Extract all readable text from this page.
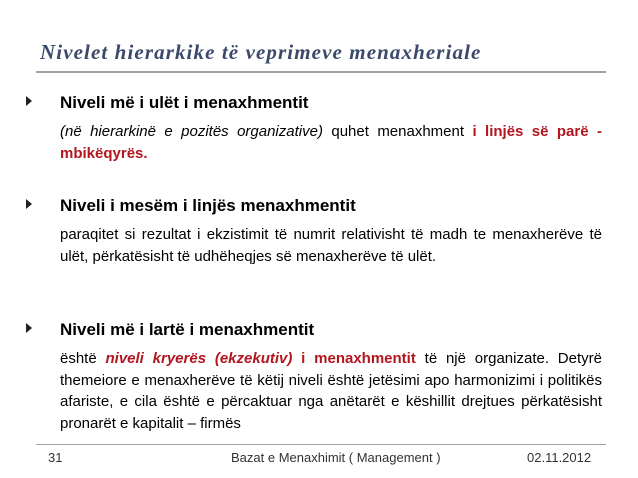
Nivelet hierarkike të veprimeve menaxheriale
Niveli më i ulët i menaxhmentit
(në hierarkinë e pozitës organizative) quhet menaxhment i linjës së parë - mbikëqyrës.
Niveli i mesëm i linjës menaxhmentit
paraqitet si rezultat i ekzistimit të numrit relativisht të madh te menaxherëve të ulët, përkatësisht të udhëheqjes së menaxherëve të ulët.
Niveli më i lartë i menaxhmentit
është niveli kryerës (ekzekutiv) i menaxhmentit të një organizate. Detyrë themeiore e menaxherëve të këtij niveli është jetësimi apo harmonizimi i politikës afariste, e cila është e përcaktuar nga anëtarët e këshillit drejtues përkatësisht pronarët e kapitalit – firmës
31	Bazat e Menaxhimit ( Management )	02.11.2012
